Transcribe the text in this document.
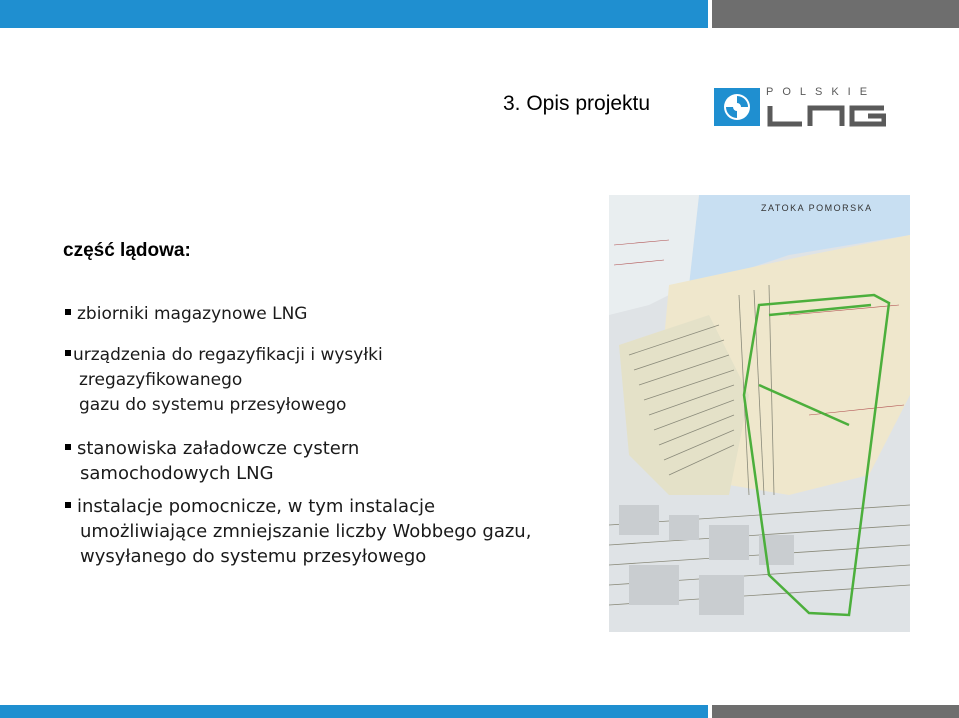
3. Opis projektu	POLSKIE
część lądowa:
zbiorniki magazynowe LNG
urządzenia do regazyfikacji i wysyłki
zregazyfikowanego
gazu do systemu przesyłowego
stanowiska załadowcze cystern
samochodowych LNG
instalacje pomocnicze, w tym instalacje
umożliwiające zmniejszanie liczby Wobbego gazu,
wysyłanego do systemu przesyłowego
ZATOKA POMORSKA
